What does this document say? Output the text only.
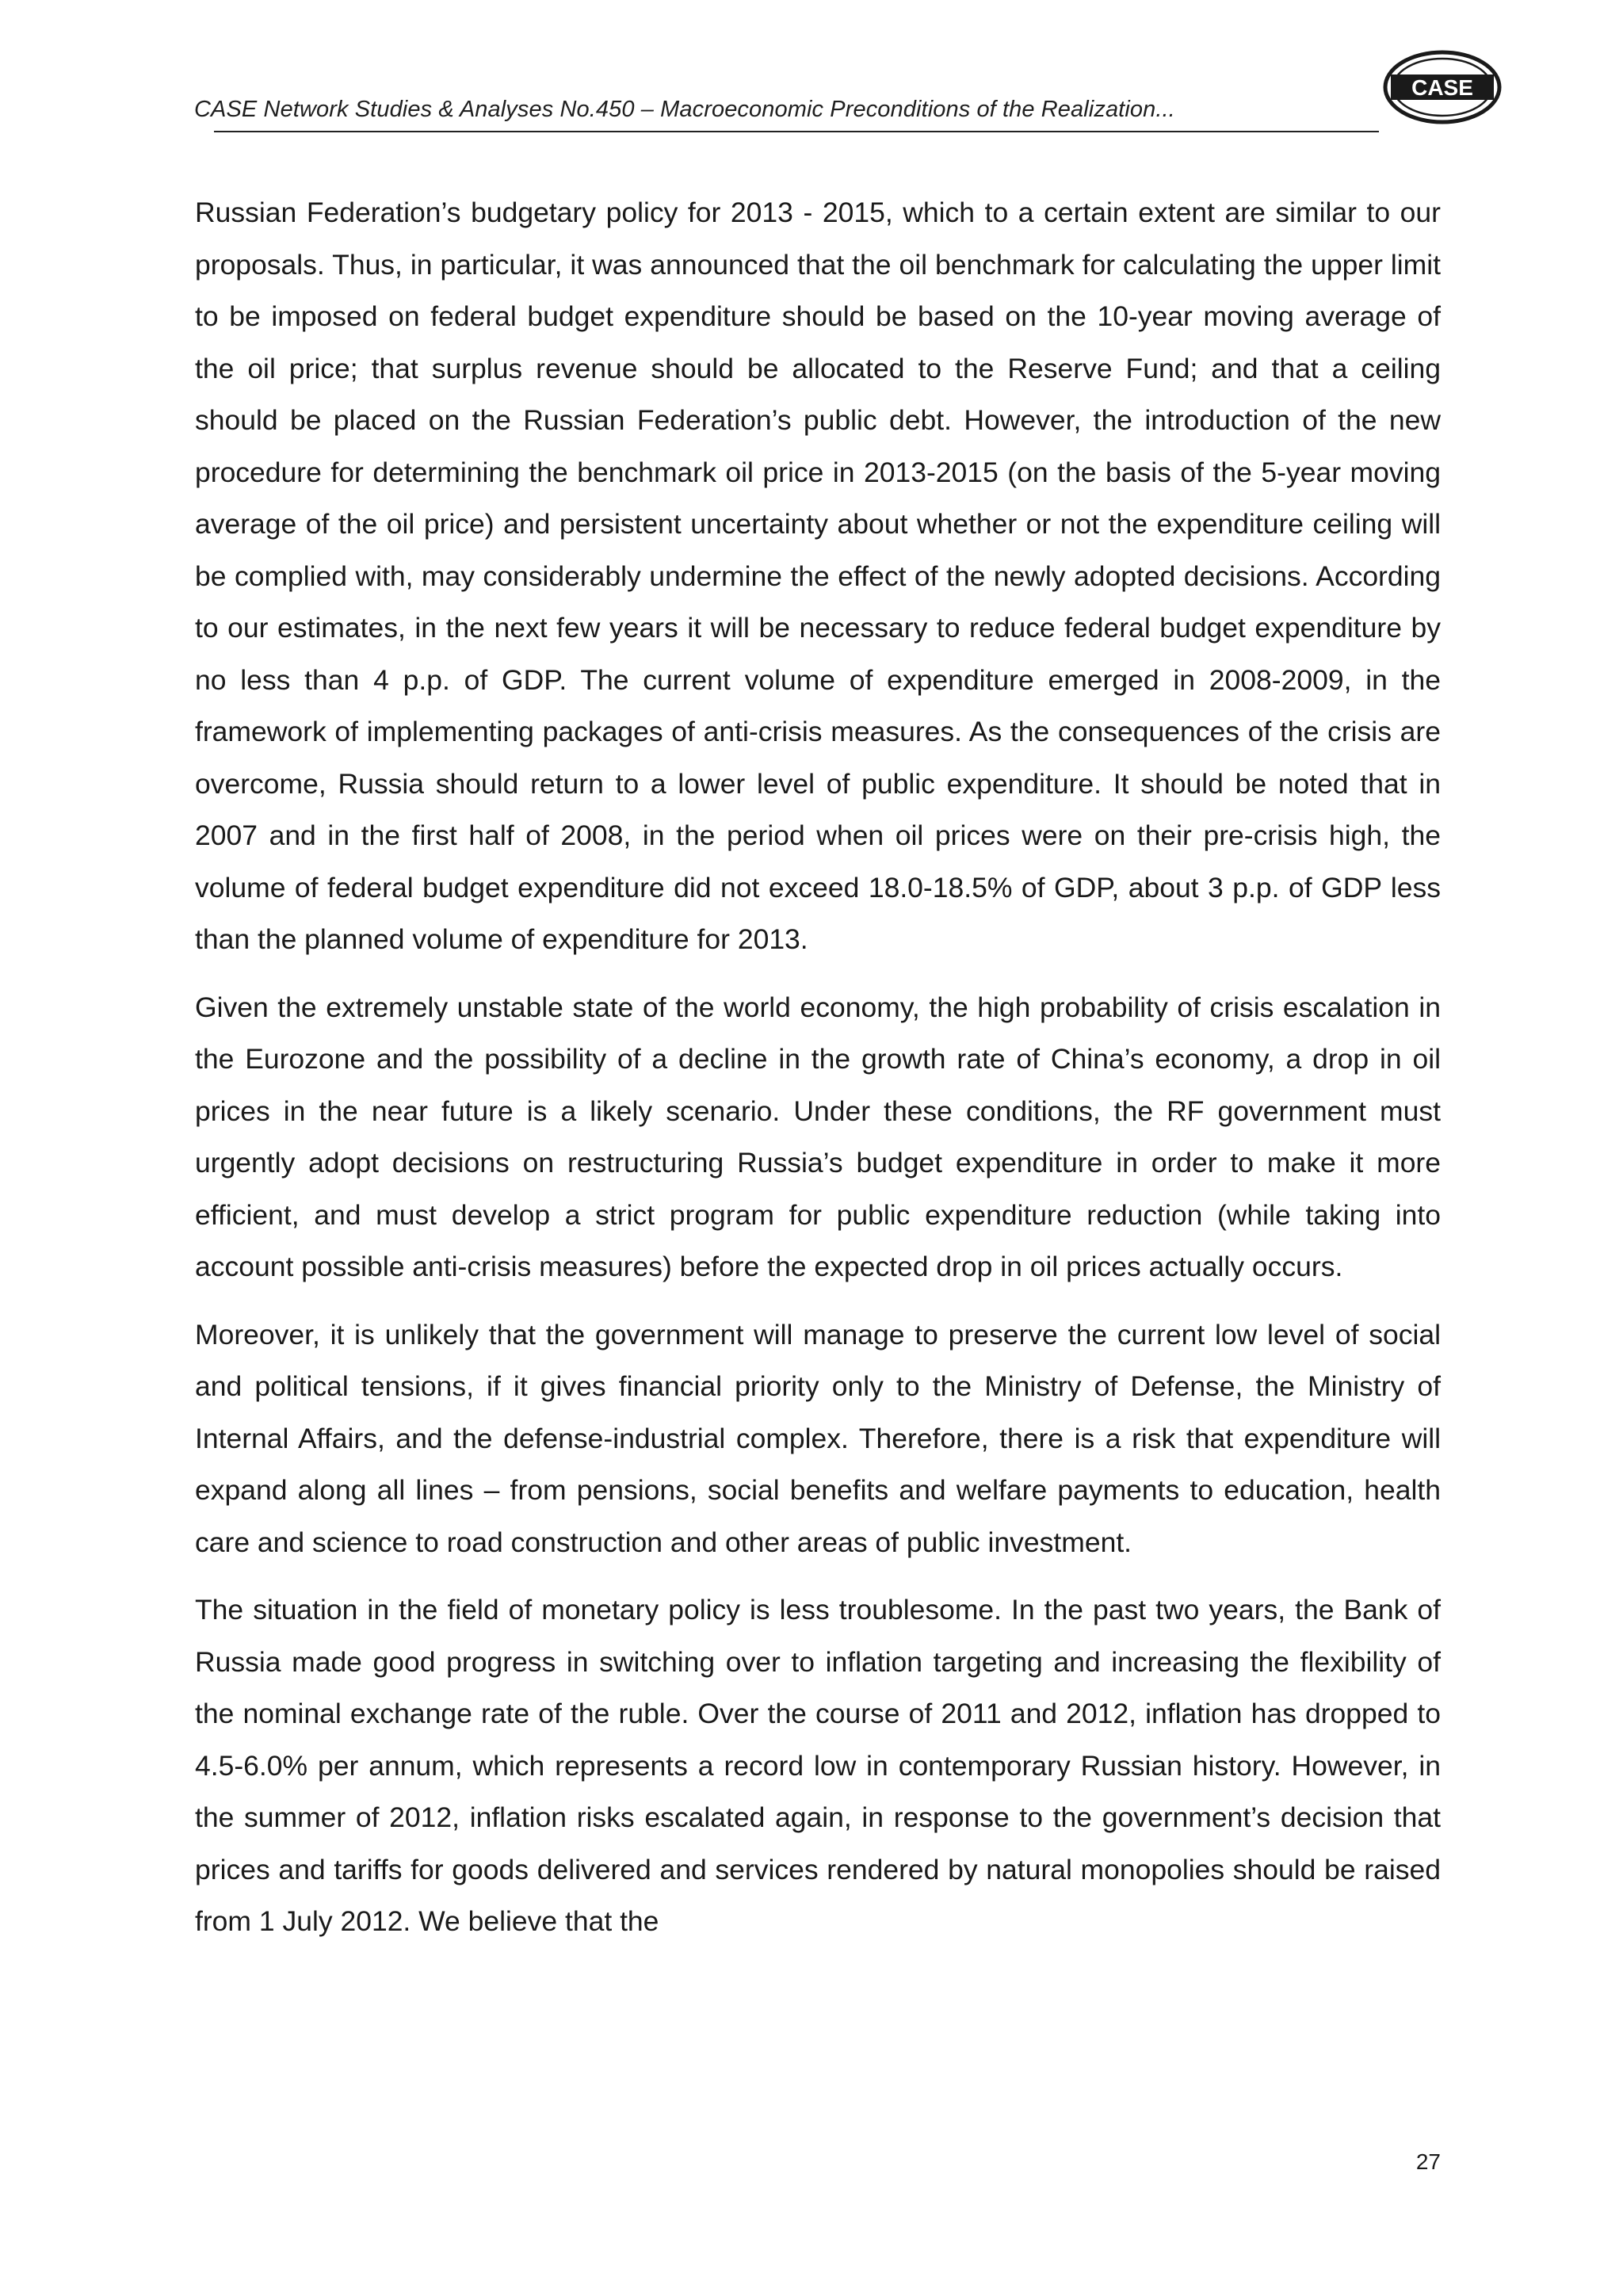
CASE Network Studies & Analyses No.450 – Macroeconomic Preconditions of the Realization...
CASE

Russian Federation’s budgetary policy for 2013 - 2015, which to a certain extent are similar to our proposals. Thus, in particular, it was announced that the oil benchmark for calculating the upper limit to be imposed on federal budget expenditure should be based on the 10-year moving average of the oil price; that surplus revenue should be allocated to the Reserve Fund; and that a ceiling should be placed on the Russian Federation’s public debt. However, the introduction of the new procedure for determining the benchmark oil price in 2013-2015 (on the basis of the 5-year moving average of the oil price) and persistent uncertainty about whether or not the expenditure ceiling will be complied with, may considerably undermine the effect of the newly adopted decisions. According to our estimates, in the next few years it will be necessary to reduce federal budget expenditure by no less than 4 p.p. of GDP. The current volume of expenditure emerged in 2008-2009, in the framework of implementing packages of anti-crisis measures. As the consequences of the crisis are overcome, Russia should return to a lower level of public expenditure. It should be noted that in 2007 and in the first half of 2008, in the period when oil prices were on their pre-crisis high, the volume of federal budget expenditure did not exceed 18.0-18.5% of GDP, about 3 p.p. of GDP less than the planned volume of expenditure for 2013.

Given the extremely unstable state of the world economy, the high probability of crisis escalation in the Eurozone and the possibility of a decline in the growth rate of China’s economy, a drop in oil prices in the near future is a likely scenario. Under these conditions, the RF government must urgently adopt decisions on restructuring Russia’s budget expenditure in order to make it more efficient, and must develop a strict program for public expenditure reduction (while taking into account possible anti-crisis measures) before the expected drop in oil prices actually occurs.

Moreover, it is unlikely that the government will manage to preserve the current low level of social and political tensions, if it gives financial priority only to the Ministry of Defense, the Ministry of Internal Affairs, and the defense-industrial complex. Therefore, there is a risk that expenditure will expand along all lines – from pensions, social benefits and welfare payments to education, health care and science to road construction and other areas of public investment.

The situation in the field of monetary policy is less troublesome. In the past two years, the Bank of Russia made good progress in switching over to inflation targeting and increasing the flexibility of the nominal exchange rate of the ruble. Over the course of 2011 and 2012, inflation has dropped to 4.5-6.0% per annum, which represents a record low in contemporary Russian history. However, in the summer of 2012, inflation risks escalated again, in response to the government’s decision that prices and tariffs for goods delivered and services rendered by natural monopolies should be raised from 1 July 2012. We believe that the

27
